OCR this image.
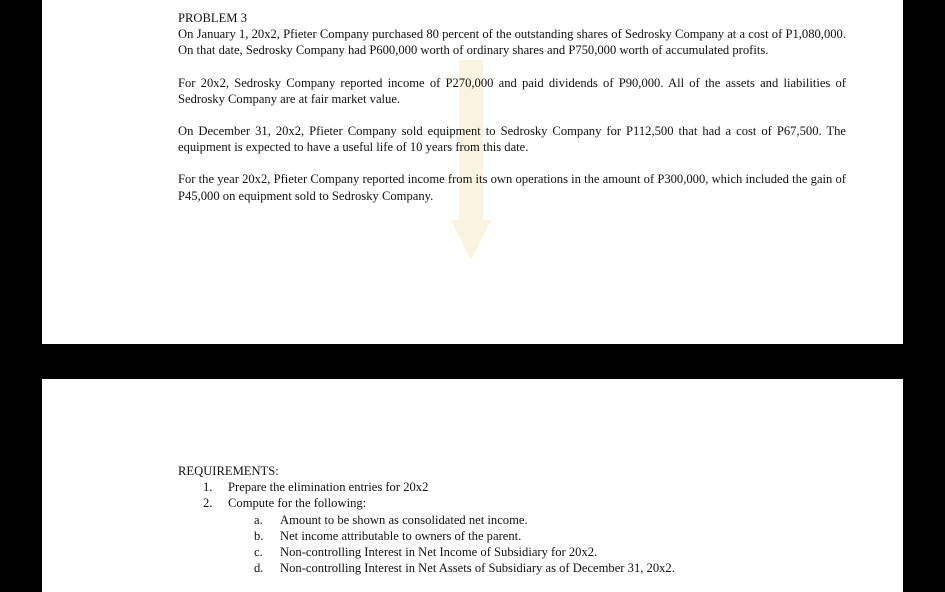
PROBLEM 3

On January 1, 20x2, Pfieter Company purchased 80 percent of the outstanding shares of Sedrosky Company at a cost of P1,080,000. On that date, Sedrosky Company had P600,000 worth of ordinary shares and P750,000 worth of accumulated profits.

For 20x2, Sedrosky Company reported income of P270,000 and paid dividends of P90,000. All of the assets and liabilities of Sedrosky Company are at fair market value.

On December 31, 20x2, Pfieter Company sold equipment to Sedrosky Company for P112,500 that had a cost of P67,500. The equipment is expected to have a useful life of 10 years from this date.

For the year 20x2, Pfieter Company reported income from its own operations in the amount of P300,000, which included the gain of P45,000 on equipment sold to Sedrosky Company.

REQUIREMENTS:

1. Prepare the elimination entries for 20x2
2. Compute for the following:
a. Amount to be shown as consolidated net income.
b. Net income attributable to owners of the parent.
c. Non-controlling Interest in Net Income of Subsidiary for 20x2.
d. Non-controlling Interest in Net Assets of Subsidiary as of December 31, 20x2.
